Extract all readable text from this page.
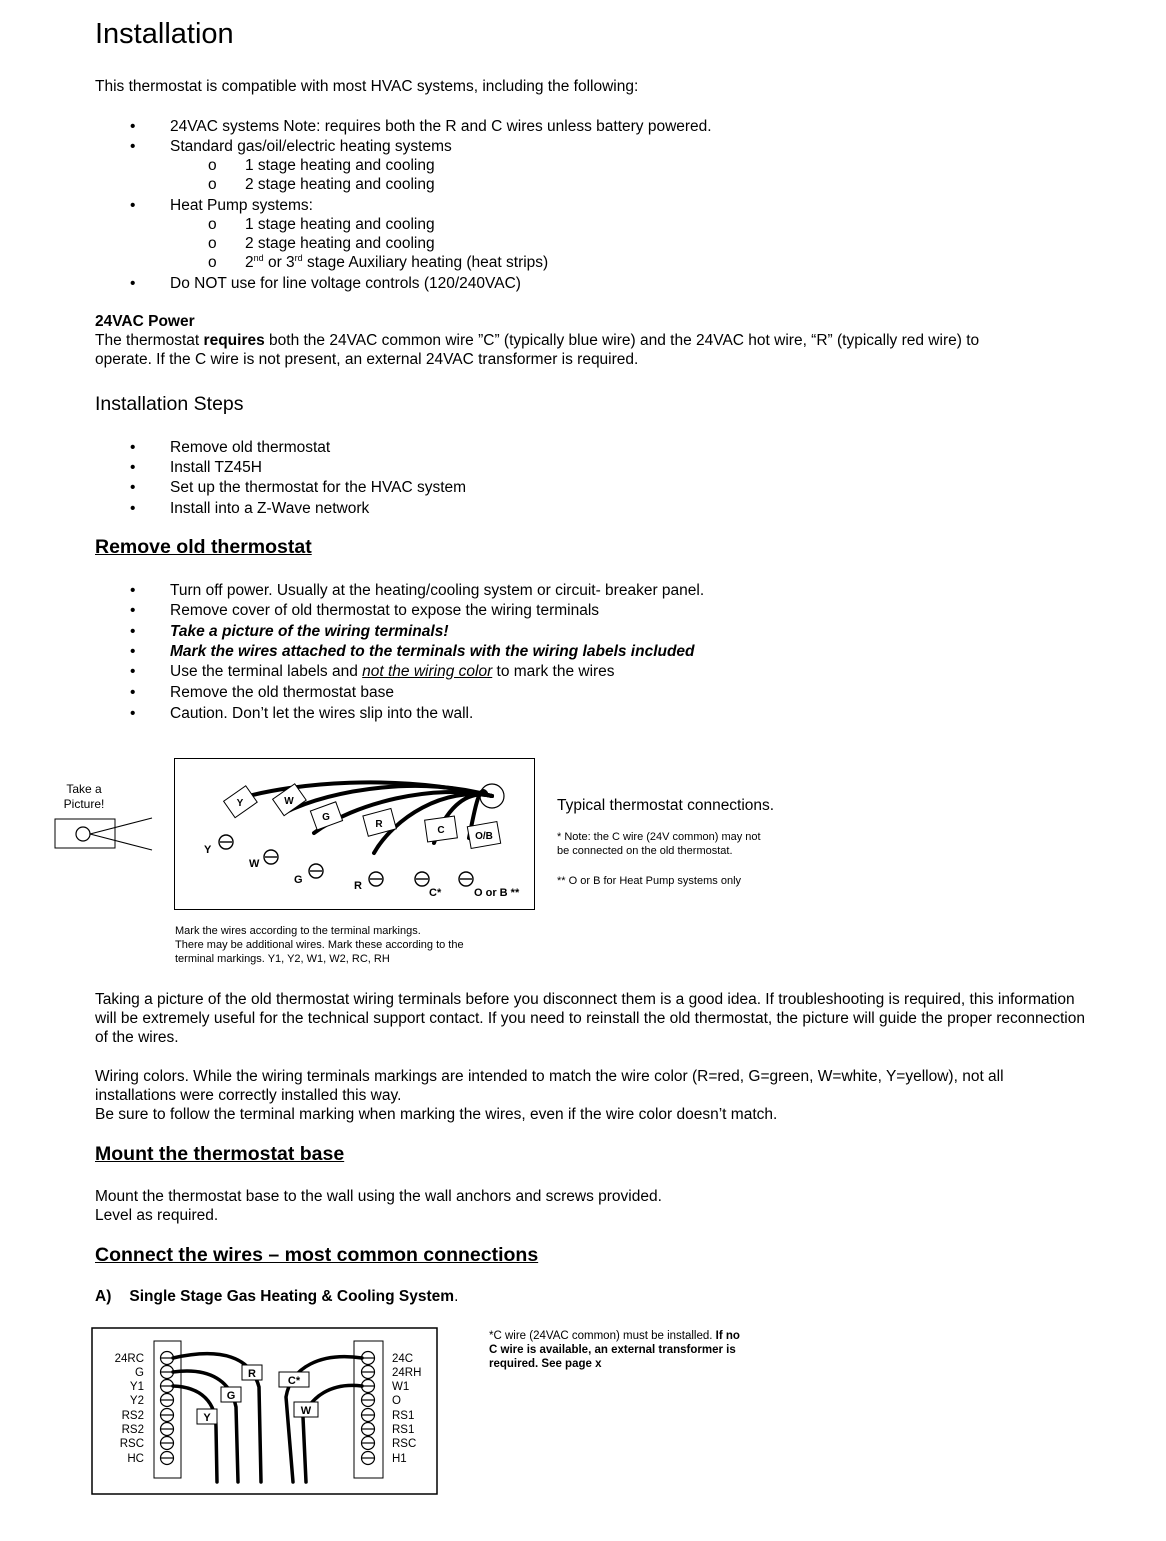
Installation
This thermostat is compatible with most HVAC systems, including the following:
• 24VAC systems Note: requires both the R and C wires unless battery powered.
• Standard gas/oil/electric heating systems
o 1 stage heating and cooling
o 2 stage heating and cooling
• Heat Pump systems:
o 1 stage heating and cooling
o 2 stage heating and cooling
o 2nd or 3rd stage Auxiliary heating (heat strips)
• Do NOT use for line voltage controls (120/240VAC)
24VAC Power
The thermostat requires both the 24VAC common wire ”C” (typically blue wire) and the 24VAC hot wire, “R” (typically red wire) to
operate. If the C wire is not present, an external 24VAC transformer is required.
Installation Steps
• Remove old thermostat
• Install TZ45H
• Set up the thermostat for the HVAC system
• Install into a Z-Wave network
Remove old thermostat
• Turn off power. Usually at the heating/cooling system or circuit- breaker panel.
• Remove cover of old thermostat to expose the wiring terminals
• Take a picture of the wiring terminals!
• Mark the wires attached to the terminals with the wiring labels included
• Use the terminal labels and not the wiring color to mark the wires
• Remove the old thermostat base
• Caution. Don’t let the wires slip into the wall.
Take a
Picture!	Y	W
G
R
C
O/B
Y
W
G	R
C*	O or B **
Typical thermostat connections.
* Note: the C wire (24V common) may not
be connected on the old thermostat.
** O or B for Heat Pump systems only
Mark the wires according to the terminal markings.
There may be additional wires. Mark these according to the
terminal markings. Y1, Y2, W1, W2, RC, RH
Taking a picture of the old thermostat wiring terminals before you disconnect them is a good idea. If troubleshooting is required, this information will be extremely useful for the technical support contact. If you need to reinstall the old thermostat, the picture will guide the proper reconnection of the wires.
Wiring colors. While the wiring terminals markings are intended to match the wire color (R=red, G=green, W=white, Y=yellow), not all installations were correctly installed this way.
Be sure to follow the terminal marking when marking the wires, even if the wire color doesn’t match.
Mount the thermostat base
Mount the thermostat base to the wall using the wall anchors and screws provided.
Level as required.
Connect the wires – most common connections
A) Single Stage Gas Heating & Cooling System.
R
G
Y
C*
W
24RC
G
Y1
Y2
RS2
RS2
RSC
HC
24C
24RH
W1
O
RS1
RS1
RSC
H1
*C wire (24VAC common) must be installed. If no
C wire is available, an external transformer is
required. See page x
